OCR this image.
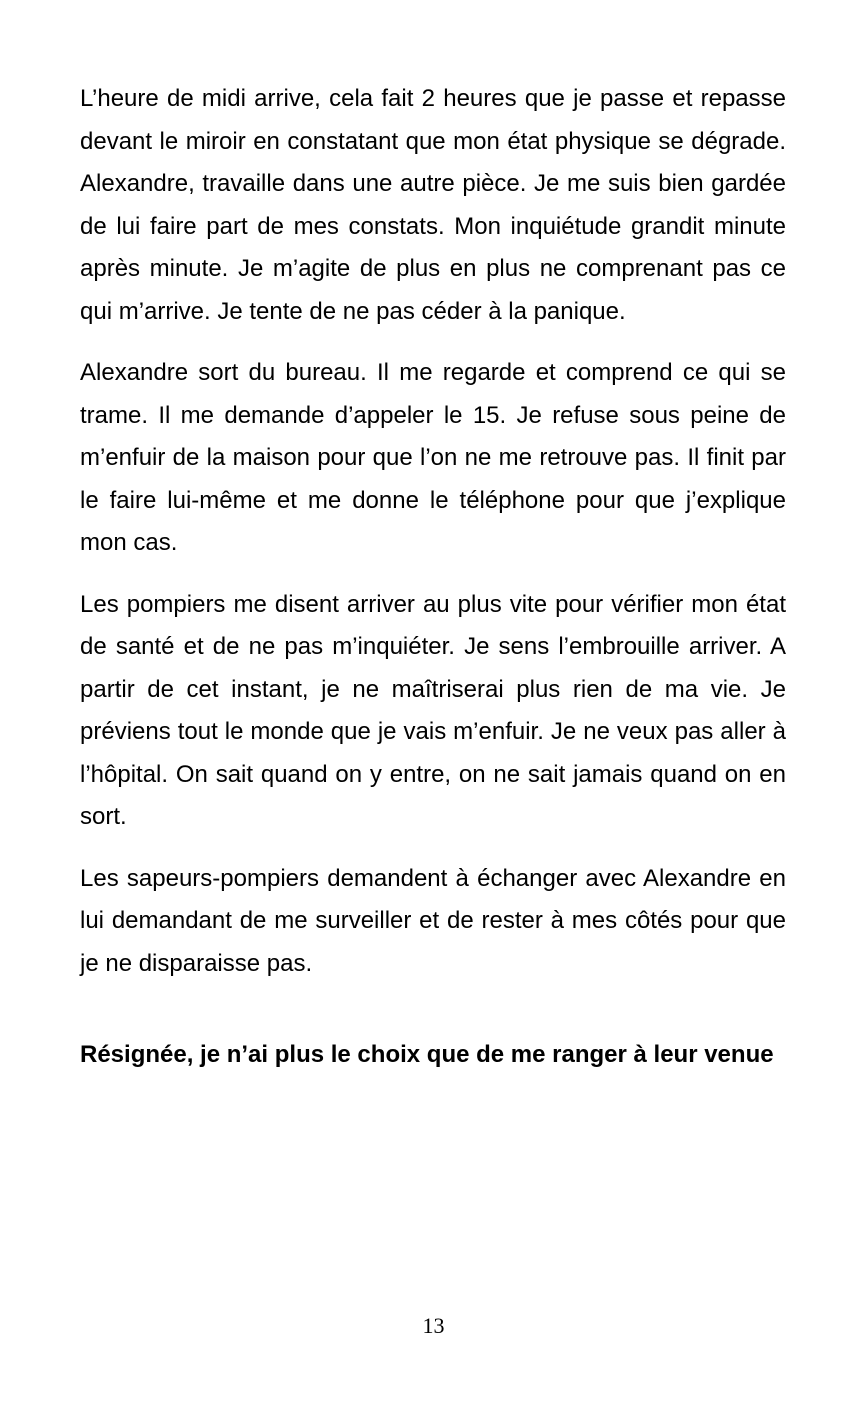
L’heure de midi arrive, cela fait 2 heures que je passe et repasse devant le miroir en constatant que mon état physique se dégrade. Alexandre, travaille dans une autre pièce. Je me suis bien gardée de lui faire part de mes constats. Mon inquiétude grandit minute après minute. Je m’agite de plus en plus ne comprenant pas ce qui m’arrive. Je tente de ne pas céder à la panique.

Alexandre sort du bureau. Il me regarde et comprend ce qui se trame. Il me demande d’appeler le 15. Je refuse sous peine de m’enfuir de la maison pour que l’on ne me retrouve pas. Il finit par le faire lui-même et me donne le téléphone pour que j’explique mon cas.

Les pompiers me disent arriver au plus vite pour vérifier mon état de santé et de ne pas m’inquiéter. Je sens l’embrouille arriver. A partir de cet instant, je ne maîtriserai plus rien de ma vie. Je préviens tout le monde que je vais m’enfuir. Je ne veux pas aller à l’hôpital. On sait quand on y entre, on ne sait jamais quand on en sort.

Les sapeurs-pompiers demandent à échanger avec Alexandre en lui demandant de me surveiller et de rester à mes côtés pour que je ne disparaisse pas.

Résignée, je n’ai plus le choix que de me ranger à leur venue
13
